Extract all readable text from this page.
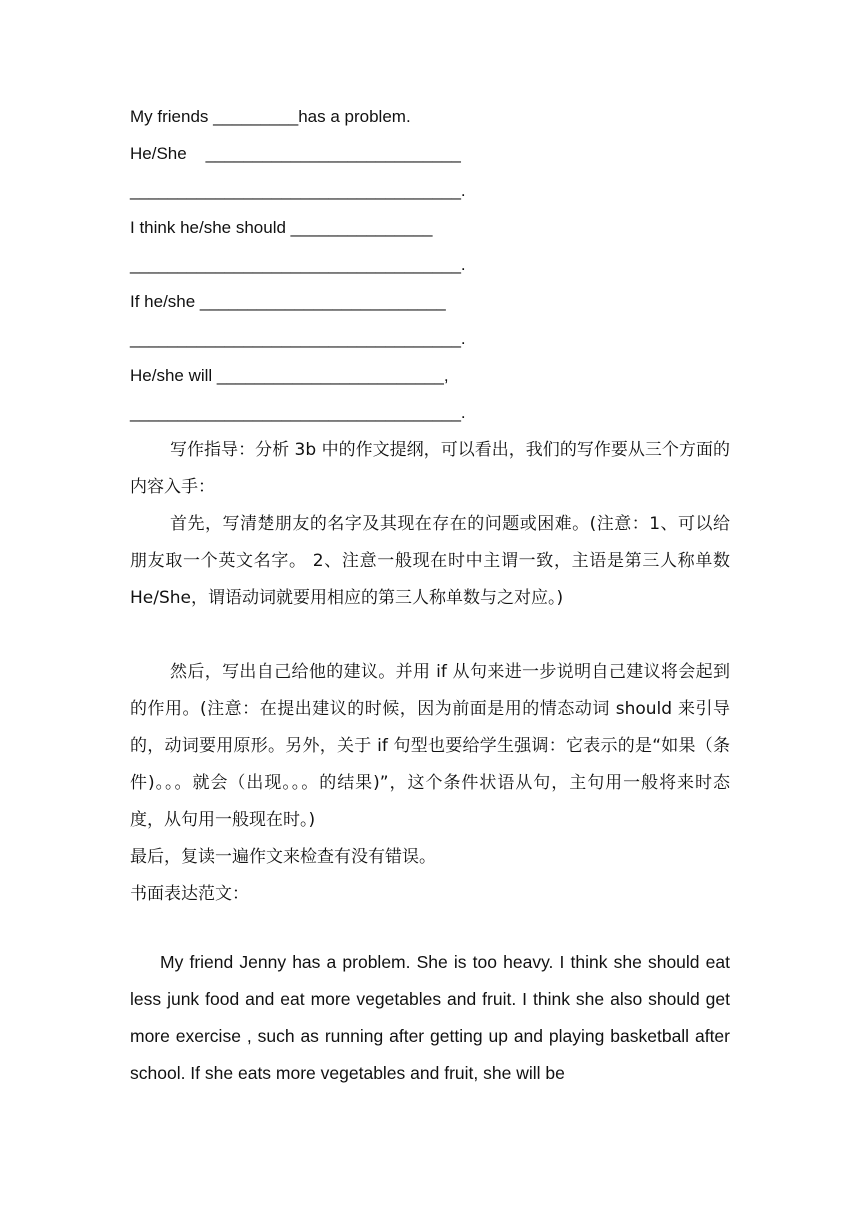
My friends _________has a problem.
He/She    ___________________________
___________________________________.
I think he/she should _______________
___________________________________.
If he/she __________________________
___________________________________.
He/she will ________________________,
___________________________________.
写作指导：分析 3b 中的作文提纲，可以看出，我们的写作要从三个方面的内容入手：
首先，写清楚朋友的名字及其现在存在的问题或困难。(注意：1、可以给朋友取一个英文名字。 2、注意一般现在时中主谓一致，主语是第三人称单数 He/She，谓语动词就要用相应的第三人称单数与之对应。)
然后，写出自己给他的建议。并用 if 从句来进一步说明自己建议将会起到的作用。(注意：在提出建议的时候，因为前面是用的情态动词 should 来引导的，动词要用原形。另外，关于 if 句型也要给学生强调：它表示的是“如果（条件)。。。就会（出现。。。的结果)”，这个条件状语从句，主句用一般将来时态度，从句用一般现在时。)
最后，复读一遍作文来检查有没有错误。
书面表达范文：
My friend Jenny has a problem. She is too heavy. I think she should eat less junk food and eat more vegetables and fruit. I think she also should get more exercise , such as running after getting up and playing basketball after school. If she eats more vegetables and fruit, she will be
